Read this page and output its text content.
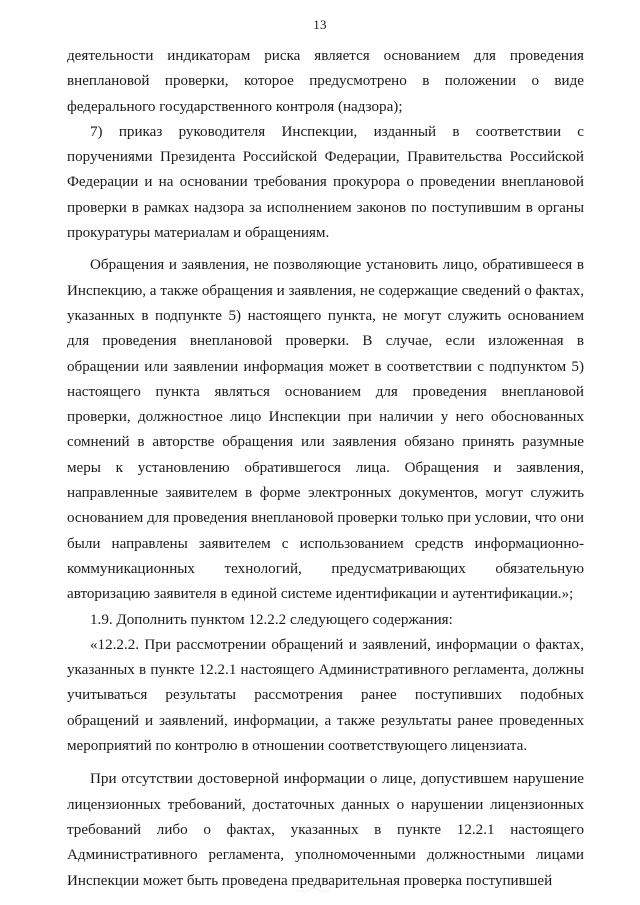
13

деятельности индикаторам риска является основанием для проведения внеплановой проверки, которое предусмотрено в положении о виде федерального государственного контроля (надзора);

7) приказ руководителя Инспекции, изданный в соответствии с поручениями Президента Российской Федерации, Правительства Российской Федерации и на основании требования прокурора о проведении внеплановой проверки в рамках надзора за исполнением законов по поступившим в органы прокуратуры материалам и обращениям.

Обращения и заявления, не позволяющие установить лицо, обратившееся в Инспекцию, а также обращения и заявления, не содержащие сведений о фактах, указанных в подпункте 5) настоящего пункта, не могут служить основанием для проведения внеплановой проверки. В случае, если изложенная в обращении или заявлении информация может в соответствии с подпунктом 5) настоящего пункта являться основанием для проведения внеплановой проверки, должностное лицо Инспекции при наличии у него обоснованных сомнений в авторстве обращения или заявления обязано принять разумные меры к установлению обратившегося лица. Обращения и заявления, направленные заявителем в форме электронных документов, могут служить основанием для проведения внеплановой проверки только при условии, что они были направлены заявителем с использованием средств информационно-коммуникационных технологий, предусматривающих обязательную авторизацию заявителя в единой системе идентификации и аутентификации.»;

1.9. Дополнить пунктом 12.2.2 следующего содержания:

«12.2.2. При рассмотрении обращений и заявлений, информации о фактах, указанных в пункте 12.2.1 настоящего Административного регламента, должны учитываться результаты рассмотрения ранее поступивших подобных обращений и заявлений, информации, а также результаты ранее проведенных мероприятий по контролю в отношении соответствующего лицензиата.

При отсутствии достоверной информации о лице, допустившем нарушение лицензионных требований, достаточных данных о нарушении лицензионных требований либо о фактах, указанных в пункте 12.2.1 настоящего Административного регламента, уполномоченными должностными лицами Инспекции может быть проведена предварительная проверка поступившей
